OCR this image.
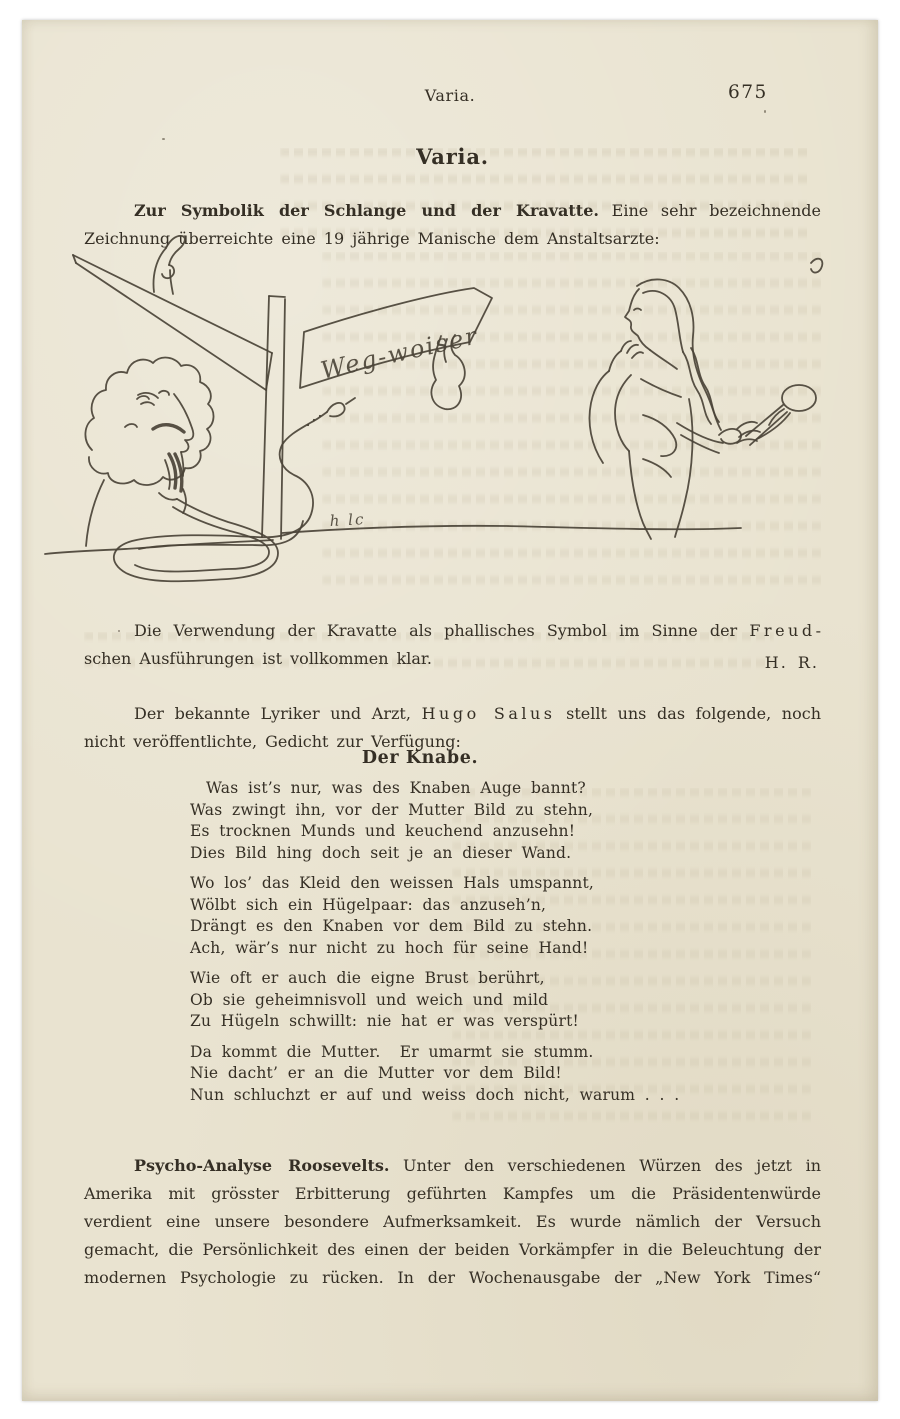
Varia.	675
Varia.

Zur Symbolik der Schlange und der Kravatte. Eine sehr bezeichnende Zeichnung überreichte eine 19 jährige Manische dem Anstaltsarzte:

Weg-woiser
h lc

Die Verwendung der Kravatte als phallisches Symbol im Sinne der Freud-schen Ausführungen ist vollkommen klar.	H. R.

Der bekannte Lyriker und Arzt, Hugo Salus stellt uns das folgende, noch nicht veröffentlichte, Gedicht zur Verfügung:

Der Knabe.
Was ist’s nur, was des Knaben Auge bannt?
Was zwingt ihn, vor der Mutter Bild zu stehn,
Es trocknen Munds und keuchend anzusehn!
Dies Bild hing doch seit je an dieser Wand.
Wo los’ das Kleid den weissen Hals umspannt,
Wölbt sich ein Hügelpaar: das anzuseh’n,
Drängt es den Knaben vor dem Bild zu stehn.
Ach, wär’s nur nicht zu hoch für seine Hand!
Wie oft er auch die eigne Brust berührt,
Ob sie geheimnisvoll und weich und mild
Zu Hügeln schwillt: nie hat er was verspürt!
Da kommt die Mutter.  Er umarmt sie stumm.
Nie dacht’ er an die Mutter vor dem Bild!
Nun schluchzt er auf und weiss doch nicht, warum . . .

Psycho-Analyse Roosevelts. Unter den verschiedenen Würzen des jetzt in Amerika mit grösster Erbitterung geführten Kampfes um die Präsidentenwürde verdient eine unsere besondere Aufmerksamkeit. Es wurde nämlich der Versuch gemacht, die Persönlichkeit des einen der beiden Vorkämpfer in die Beleuchtung der modernen Psychologie zu rücken. In der Wochenausgabe der „New York Times“
